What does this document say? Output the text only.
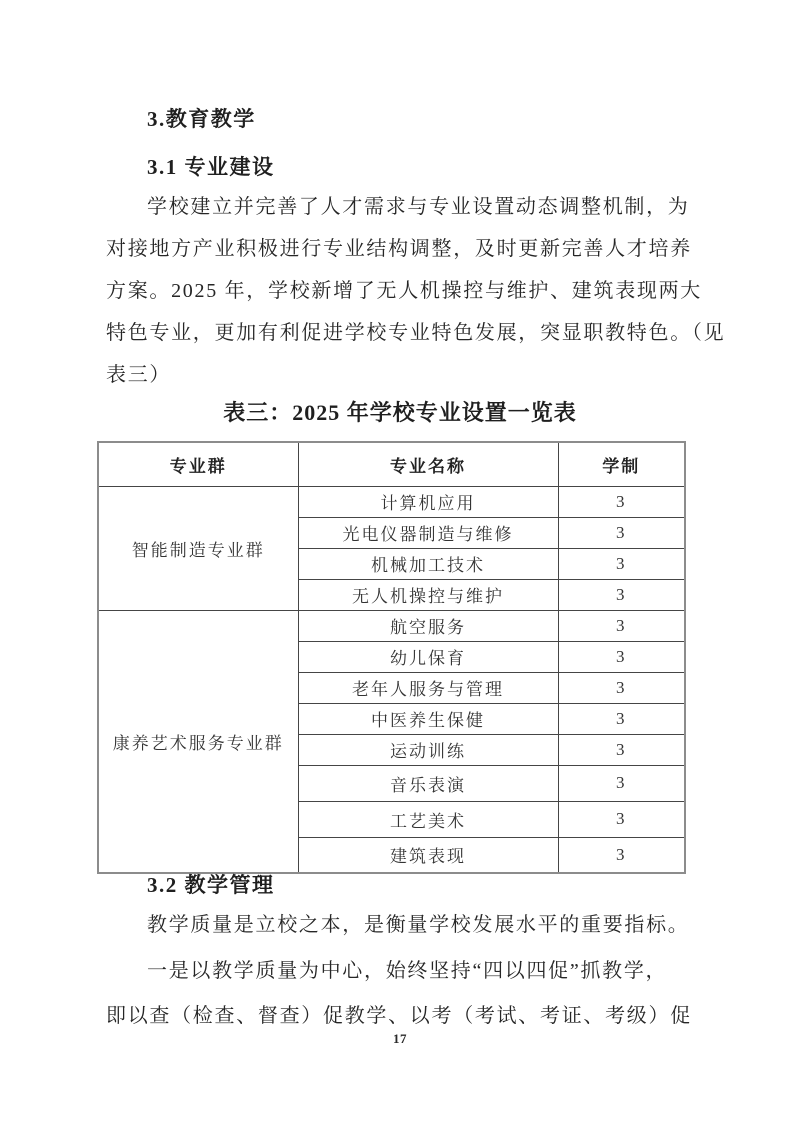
3.教育教学
3.1 专业建设
学校建立并完善了人才需求与专业设置动态调整机制，为
对接地方产业积极进行专业结构调整，及时更新完善人才培养
方案。2025 年，学校新增了无人机操控与维护、建筑表现两大
特色专业，更加有利促进学校专业特色发展，突显职教特色。（见
表三）
表三：2025 年学校专业设置一览表
专业群	专业名称	学制
智能制造专业群	计算机应用	3
	光电仪器制造与维修	3
	机械加工技术	3
	无人机操控与维护	3
康养艺术服务专业群	航空服务	3
	幼儿保育	3
	老年人服务与管理	3
	中医养生保健	3
	运动训练	3
	音乐表演	3
	工艺美术	3
	建筑表现	3
3.2 教学管理
教学质量是立校之本，是衡量学校发展水平的重要指标。
一是以教学质量为中心，始终坚持“四以四促”抓教学，
即以查（检查、督查）促教学、以考（考试、考证、考级）促
17
